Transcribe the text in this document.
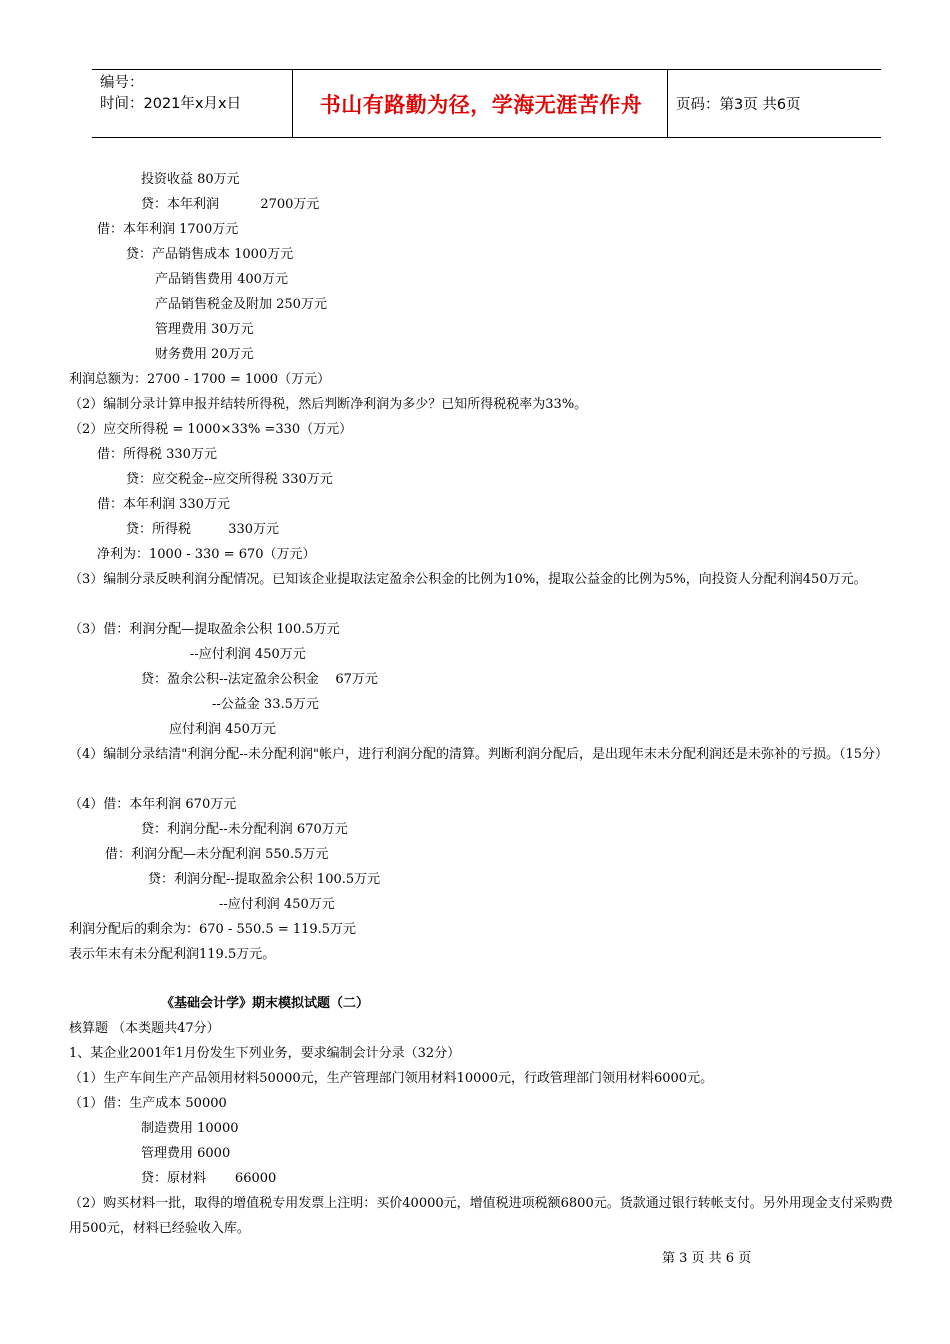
编号：
时间：2021年x月x日	书山有路勤为径，学海无涯苦作舟	页码：第3页 共6页
投资收益 80万元
贷：本年利润          2700万元
借：本年利润 1700万元
贷：产品销售成本 1000万元
产品销售费用 400万元
产品销售税金及附加 250万元
管理费用 30万元
财务费用 20万元
利润总额为：2700 - 1700 = 1000（万元）
（2）编制分录计算申报并结转所得税，然后判断净利润为多少？已知所得税税率为33%。
（2）应交所得税 = 1000×33% =330（万元）
借：所得税 330万元
贷：应交税金--应交所得税 330万元
借：本年利润 330万元
贷：所得税         330万元
净利为：1000 - 330 = 670（万元）
（3）编制分录反映利润分配情况。已知该企业提取法定盈余公积金的比例为10%，提取公益金的比例为5%，向投资人分配利润450万元。
（3）借：利润分配—提取盈余公积 100.5万元
--应付利润 450万元
贷：盈余公积--法定盈余公积金    67万元
--公益金 33.5万元
应付利润 450万元
（4）编制分录结清"利润分配--未分配利润"帐户，进行利润分配的清算。判断利润分配后，是出现年末未分配利润还是未弥补的亏损。（15分）
（4）借：本年利润 670万元
贷：利润分配--未分配利润 670万元
借：利润分配—未分配利润 550.5万元
贷：利润分配--提取盈余公积 100.5万元
--应付利润 450万元
利润分配后的剩余为：670 - 550.5 = 119.5万元
表示年末有未分配利润119.5万元。
《基础会计学》期末模拟试题（二）
核算题 （本类题共47分）
1、某企业2001年1月份发生下列业务，要求编制会计分录（32分）
（1）生产车间生产产品领用材料50000元，生产管理部门领用材料10000元，行政管理部门领用材料6000元。
（1）借：生产成本 50000
制造费用 10000
管理费用 6000
贷：原材料       66000
（2）购买材料一批，取得的增值税专用发票上注明：买价40000元，增值税进项税额6800元。货款通过银行转帐支付。另外用现金支付采购费用500元，材料已经验收入库。
第 3 页 共 6 页
